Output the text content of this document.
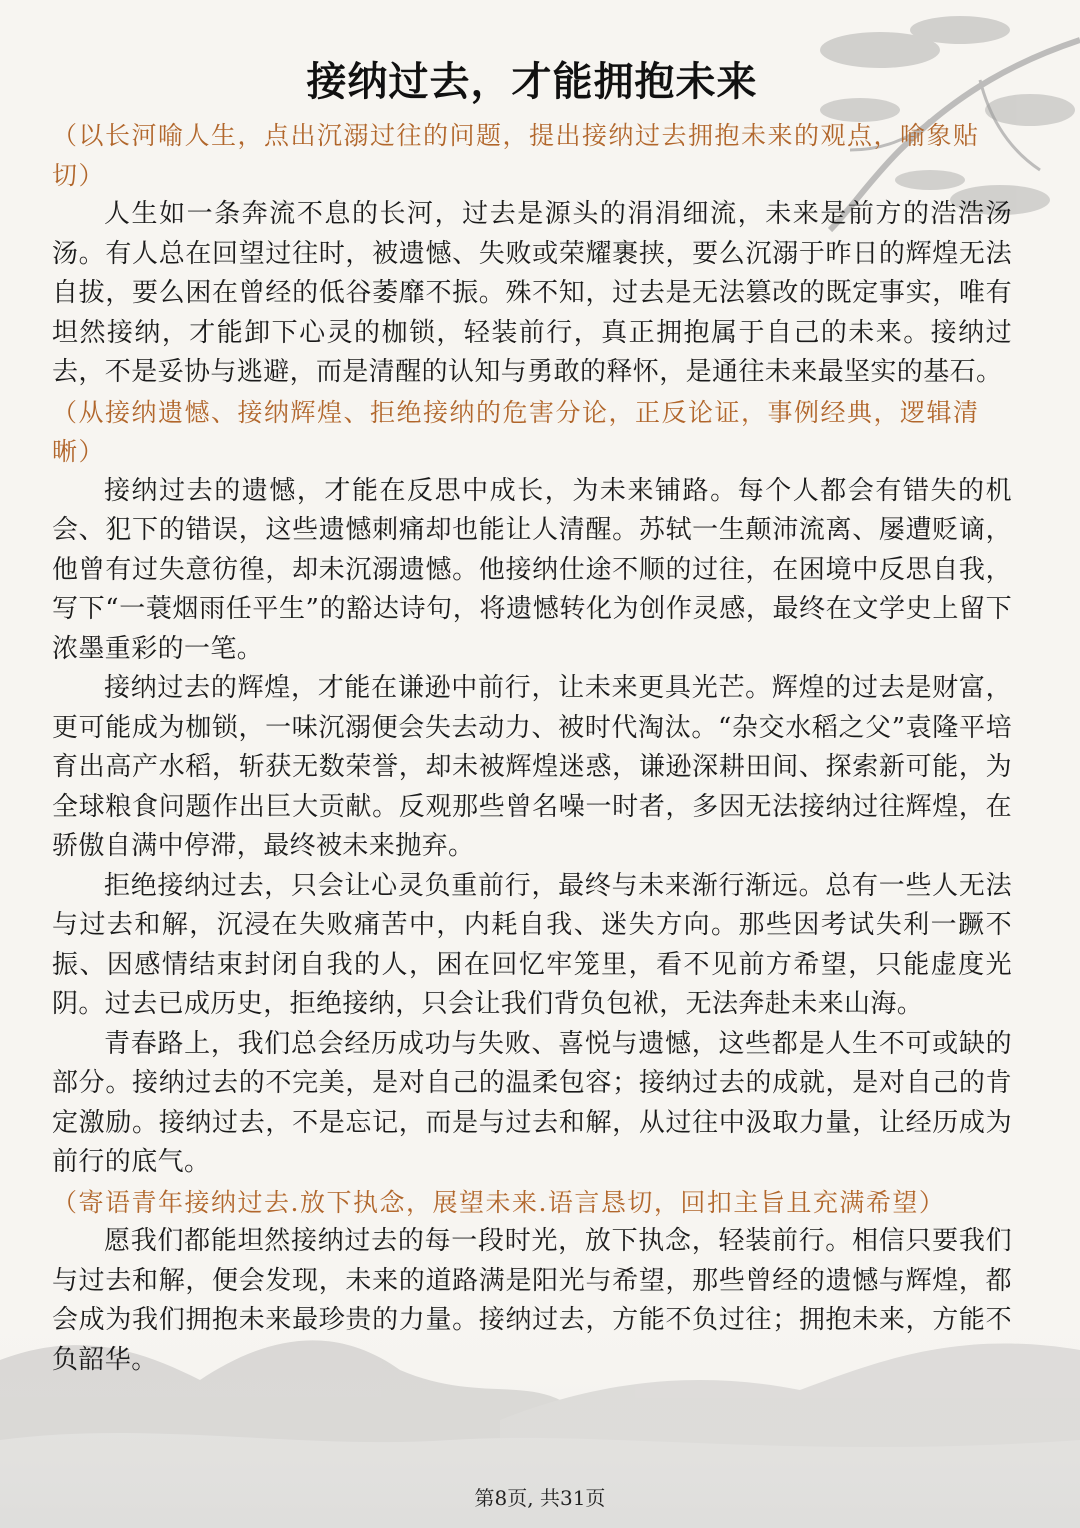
接纳过去，才能拥抱未来

（以长河喻人生，点出沉溺过往的问题，提出接纳过去拥抱未来的观点，喻象贴切）

人生如一条奔流不息的长河，过去是源头的涓涓细流，未来是前方的浩浩汤汤。有人总在回望过往时，被遗憾、失败或荣耀裹挟，要么沉溺于昨日的辉煌无法自拔，要么困在曾经的低谷萎靡不振。殊不知，过去是无法篡改的既定事实，唯有坦然接纳，才能卸下心灵的枷锁，轻装前行，真正拥抱属于自己的未来。接纳过去，不是妥协与逃避，而是清醒的认知与勇敢的释怀，是通往未来最坚实的基石。

（从接纳遗憾、接纳辉煌、拒绝接纳的危害分论，正反论证，事例经典，逻辑清晰）

接纳过去的遗憾，才能在反思中成长，为未来铺路。每个人都会有错失的机会、犯下的错误，这些遗憾刺痛却也能让人清醒。苏轼一生颠沛流离、屡遭贬谪，他曾有过失意彷徨，却未沉溺遗憾。他接纳仕途不顺的过往，在困境中反思自我，写下“一蓑烟雨任平生”的豁达诗句，将遗憾转化为创作灵感，最终在文学史上留下浓墨重彩的一笔。

接纳过去的辉煌，才能在谦逊中前行，让未来更具光芒。辉煌的过去是财富，更可能成为枷锁，一味沉溺便会失去动力、被时代淘汰。“杂交水稻之父”袁隆平培育出高产水稻，斩获无数荣誉，却未被辉煌迷惑，谦逊深耕田间、探索新可能，为全球粮食问题作出巨大贡献。反观那些曾名噪一时者，多因无法接纳过往辉煌，在骄傲自满中停滞，最终被未来抛弃。

拒绝接纳过去，只会让心灵负重前行，最终与未来渐行渐远。总有一些人无法与过去和解，沉浸在失败痛苦中，内耗自我、迷失方向。那些因考试失利一蹶不振、因感情结束封闭自我的人，困在回忆牢笼里，看不见前方希望，只能虚度光阴。过去已成历史，拒绝接纳，只会让我们背负包袱，无法奔赴未来山海。

青春路上，我们总会经历成功与失败、喜悦与遗憾，这些都是人生不可或缺的部分。接纳过去的不完美，是对自己的温柔包容；接纳过去的成就，是对自己的肯定激励。接纳过去，不是忘记，而是与过去和解，从过往中汲取力量，让经历成为前行的底气。

（寄语青年接纳过去.放下执念，展望未来.语言恳切，回扣主旨且充满希望）

愿我们都能坦然接纳过去的每一段时光，放下执念，轻装前行。相信只要我们与过去和解，便会发现，未来的道路满是阳光与希望，那些曾经的遗憾与辉煌，都会成为我们拥抱未来最珍贵的力量。接纳过去，方能不负过往；拥抱未来，方能不负韶华。

第8页, 共31页
